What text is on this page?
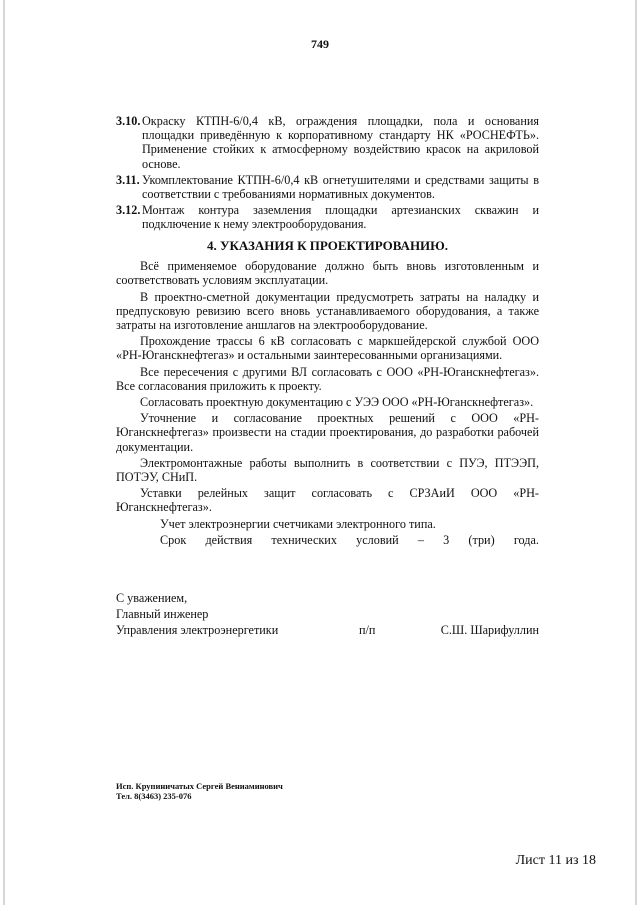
749
3.10. Окраску КТПН-6/0,4 кВ, ограждения площадки, пола и основания площадки приведённую к корпоративному стандарту НК «РОСНЕФТЬ». Применение стойких к атмосферному воздействию красок на акриловой основе.

3.11. Укомплектование КТПН-6/0,4 кВ огнетушителями и средствами защиты в соответствии с требованиями нормативных документов.

3.12. Монтаж контура заземления площадки артезианских скважин и подключение к нему электрооборудования.

4. УКАЗАНИЯ К ПРОЕКТИРОВАНИЮ.

Всё применяемое оборудование должно быть вновь изготовленным и соответствовать условиям эксплуатации.

В проектно-сметной документации предусмотреть затраты на наладку и предпусковую ревизию всего вновь устанавливаемого оборудования, а также затраты на изготовление аншлагов на электрооборудование.

Прохождение трассы 6 кВ согласовать с маркшейдерской службой ООО «РН-Юганскнефтегаз» и остальными заинтересованными организациями.

Все пересечения с другими ВЛ согласовать с ООО «РН-Юганскнефтегаз». Все согласования приложить к проекту.

Согласовать проектную документацию с УЭЭ ООО «РН-Юганскнефтегаз».

Уточнение и согласование проектных решений с ООО «РН-Юганскнефтегаз» произвести на стадии проектирования, до разработки рабочей документации.

Электромонтажные работы выполнить в соответствии с ПУЭ, ПТЭЭП, ПОТЭУ, СНиП.

Уставки релейных защит согласовать с СРЗАиИ ООО «РН-Юганскнефтегаз».

Учет электроэнергии счетчиками электронного типа.

Срок действия технических условий – 3 (три) года.

С уважением,
Главный инженер
Управления электроэнергетики	п/п	С.Ш. Шарифуллин
Исп. Крупиничатых Сергей Вениаминович
Тел. 8(3463) 235-076
Лист 11 из 18
